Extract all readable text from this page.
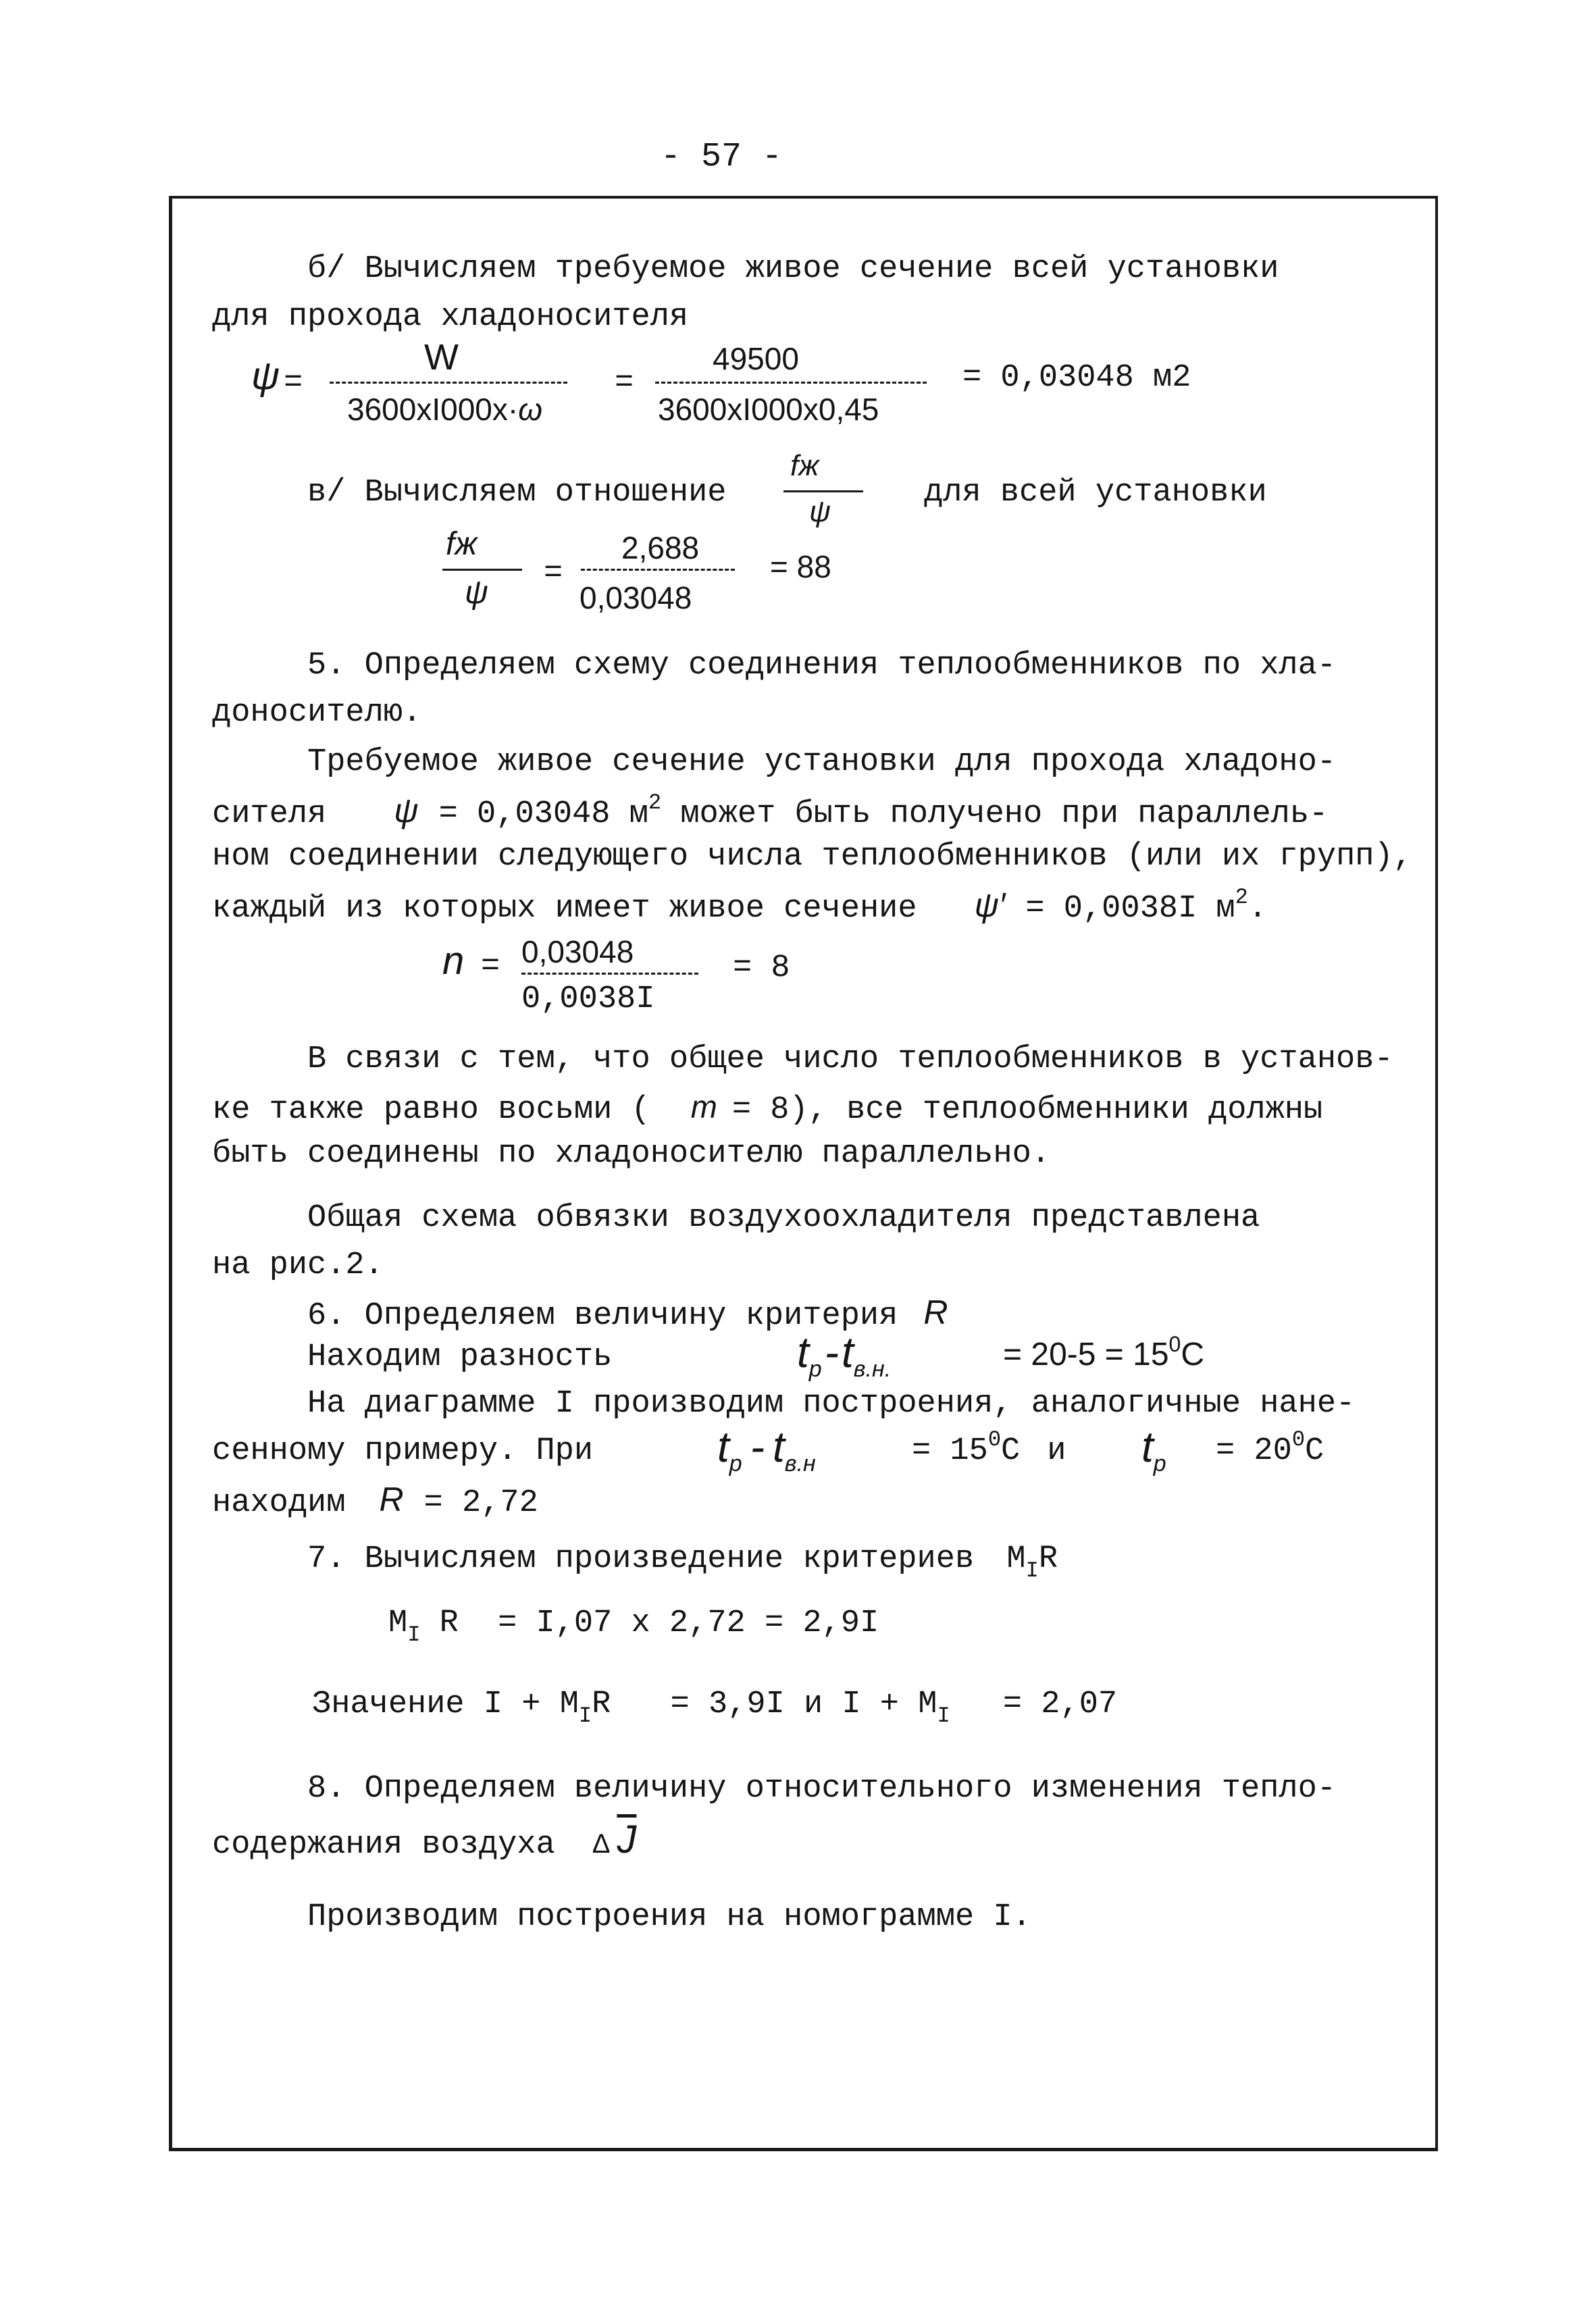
- 57 -
б/ Вычисляем требуемое живое сечение всей установки
для прохода хладоносителя
ψ =
W
3600xI000x·ω
=
49500
3600xI000x0,45
= 0,03048 м2
в/ Вычисляем отношение
fж
ψ
для всей установки
fж
ψ
=
2,688
0,03048
= 88
5. Определяем схему соединения теплообменников по хла-
доносителю.
Требуемое живое сечение установки для прохода хладоно-
сителя ψ = 0,03048 $м^2$ может быть получено при параллель-
ном соединении следующего числа теплообменников (или их групп),
каждый из которых имеет живое сечение ψ′ = 0,0038I $м^2$.
n = 0,03048
0,0038I
= 8
В связи с тем, что общее число теплообменников в установ-
ке также равно восьми ( m = 8), все теплообменники должны
быть соединены по хладоносителю параллельно.
Общая схема обвязки воздухоохладителя представлена
на рис.2.
6. Определяем величину критерия R
Находим разность	$t_p-t_{в.н.}$	= $20-5 = 15^0C$
На диаграмме I производим построения, аналогичные нане-
сенному примеру. При	$t_p - t_{в.н}$	= $15^0C$ и $t_p = 20^0C$
находим R = 2,72
7. Вычисляем произведение критериев $M_IR$
$M_I$ R = I,07 x 2,72 = 2,9I
Значение $I + M_IR = 3,9I$ и $I + M_I = 2,07$
8. Определяем величину относительного изменения тепло-
содержания воздуха Δ $\overline{J}$
Производим построения на номограмме I.
